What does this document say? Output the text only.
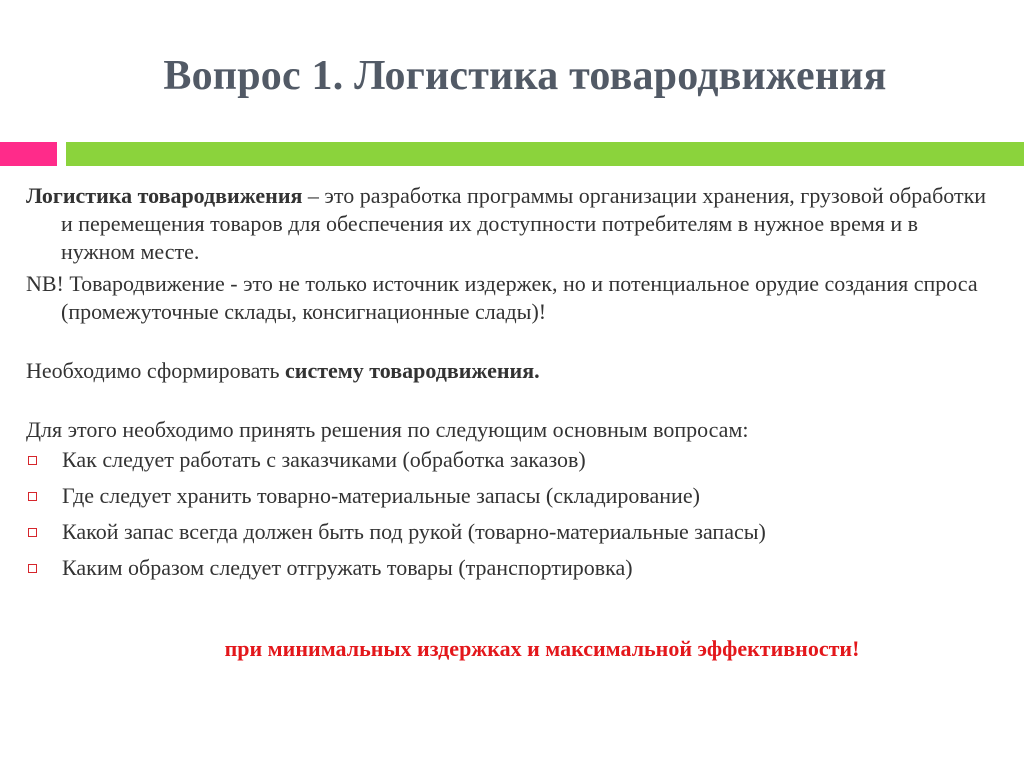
Вопрос 1. Логистика товародвижения

Логистика товародвижения – это разработка программы организации хранения, грузовой обработки и перемещения товаров для обеспечения их доступности потребителям в нужное время и в нужном месте.

NB! Товародвижение - это не только источник издержек, но и потенциальное орудие создания спроса (промежуточные склады, консигнационные слады)!

Необходимо сформировать систему товародвижения.

Для этого необходимо принять решения по следующим основным вопросам:

Как следует работать с заказчиками (обработка заказов)
Где следует хранить товарно-материальные запасы (складирование)
Какой запас всегда должен быть под рукой (товарно-материальные запасы)
Каким образом следует отгружать товары (транспортировка)
при минимальных издержках и максимальной эффективности!
